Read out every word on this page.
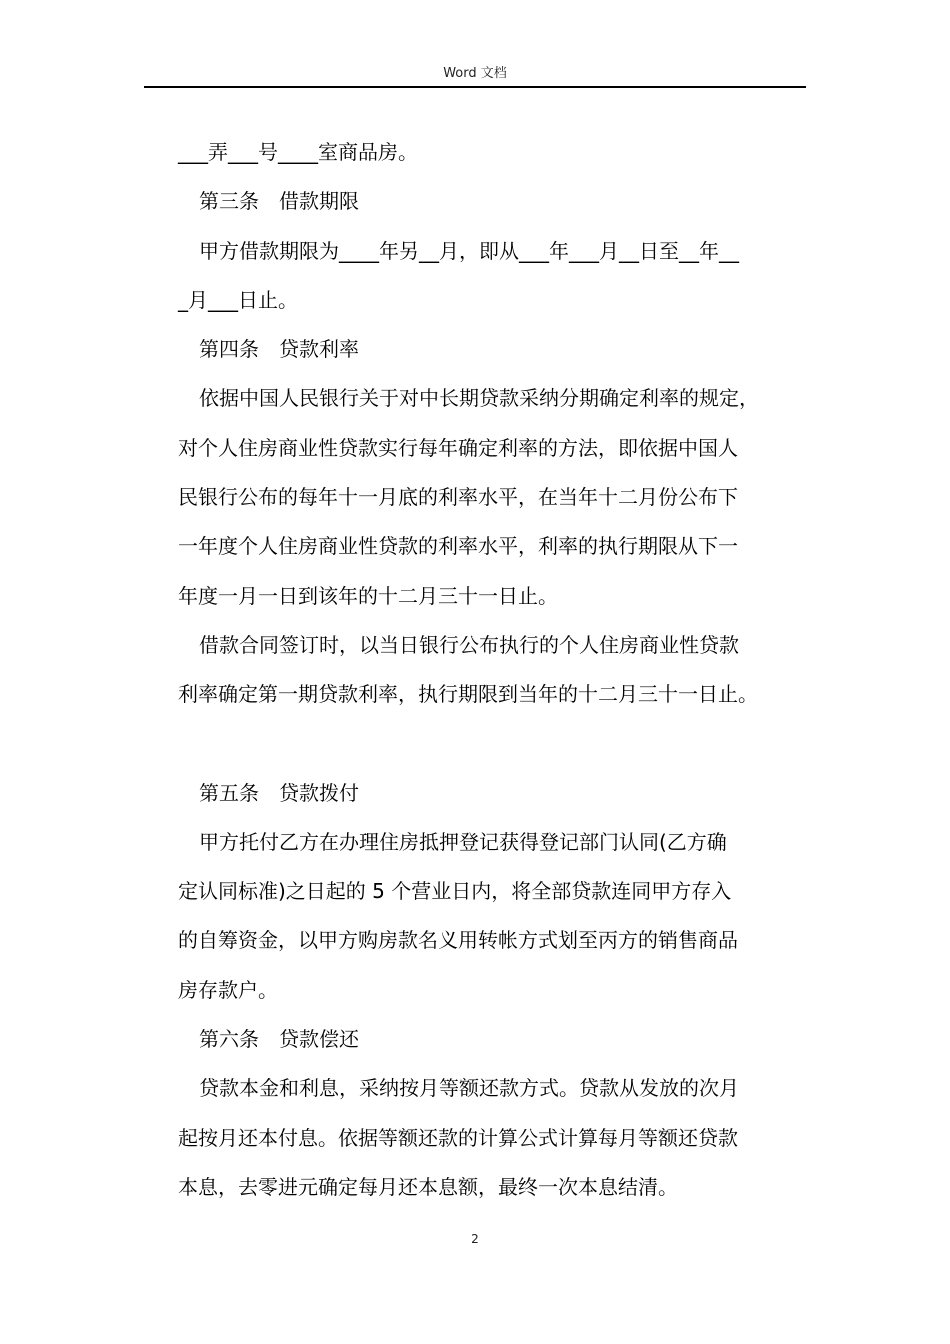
Word 文档

___弄___号____室商品房。

第三条　借款期限

甲方借款期限为____年另__月，即从___年___月__日至__年__

_月___日止。

第四条　贷款利率

依据中国人民银行关于对中长期贷款采纳分期确定利率的规定，

对个人住房商业性贷款实行每年确定利率的方法，即依据中国人

民银行公布的每年十一月底的利率水平，在当年十二月份公布下

一年度个人住房商业性贷款的利率水平，利率的执行期限从下一

年度一月一日到该年的十二月三十一日止。

借款合同签订时，以当日银行公布执行的个人住房商业性贷款

利率确定第一期贷款利率，执行期限到当年的十二月三十一日止。

第五条　贷款拨付

甲方托付乙方在办理住房抵押登记获得登记部门认同(乙方确

定认同标准)之日起的 5 个营业日内，将全部贷款连同甲方存入

的自筹资金，以甲方购房款名义用转帐方式划至丙方的销售商品

房存款户。

第六条　贷款偿还

贷款本金和利息，采纳按月等额还款方式。贷款从发放的次月

起按月还本付息。依据等额还款的计算公式计算每月等额还贷款

本息，去零进元确定每月还本息额，最终一次本息结清。

2
